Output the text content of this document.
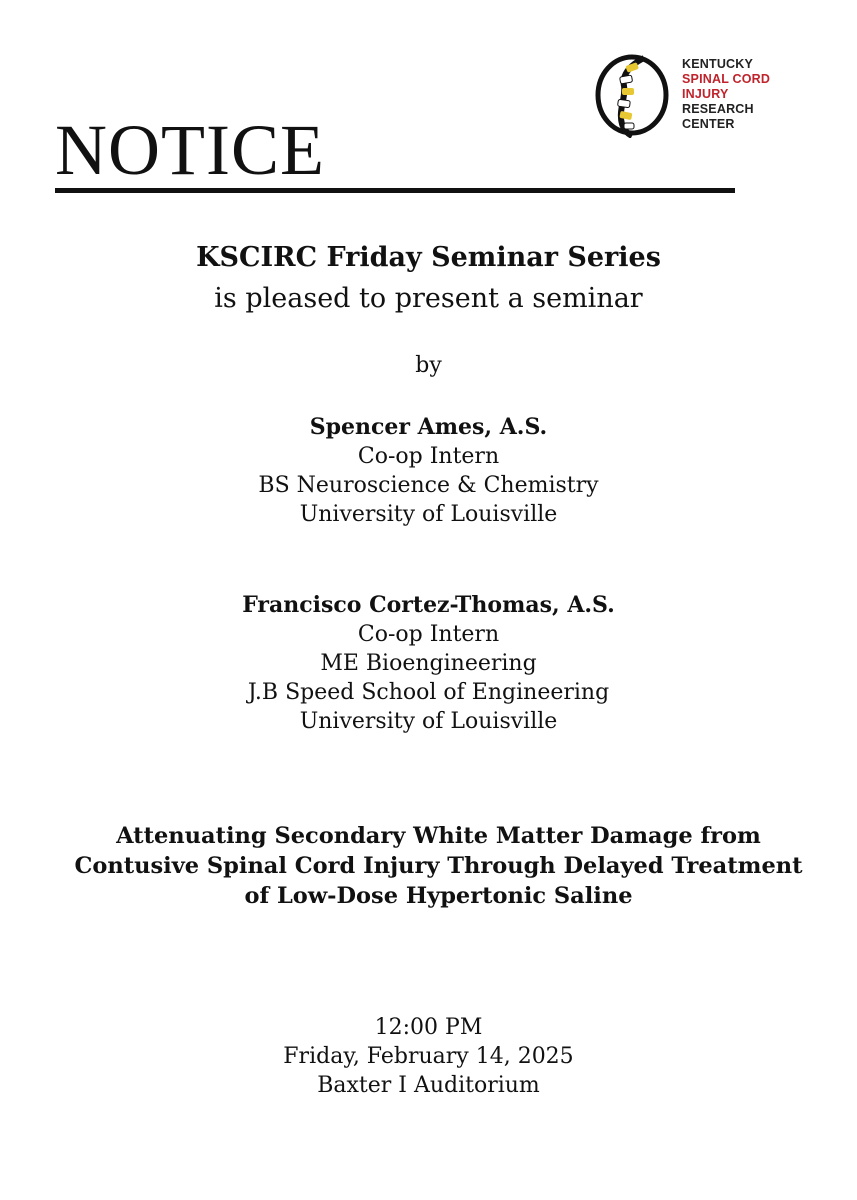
NOTICE
KENTUCKY
SPINAL CORD
INJURY
RESEARCH
CENTER
KSCIRC Friday Seminar Series
is pleased to present a seminar
by
Spencer Ames, A.S.
Co-op Intern
BS Neuroscience & Chemistry
University of Louisville
Francisco Cortez-Thomas, A.S.
Co-op Intern
ME Bioengineering
J.B Speed School of Engineering
University of Louisville
Attenuating Secondary White Matter Damage from
Contusive Spinal Cord Injury Through Delayed Treatment
of Low-Dose Hypertonic Saline
12:00 PM
Friday, February 14, 2025
Baxter I Auditorium
